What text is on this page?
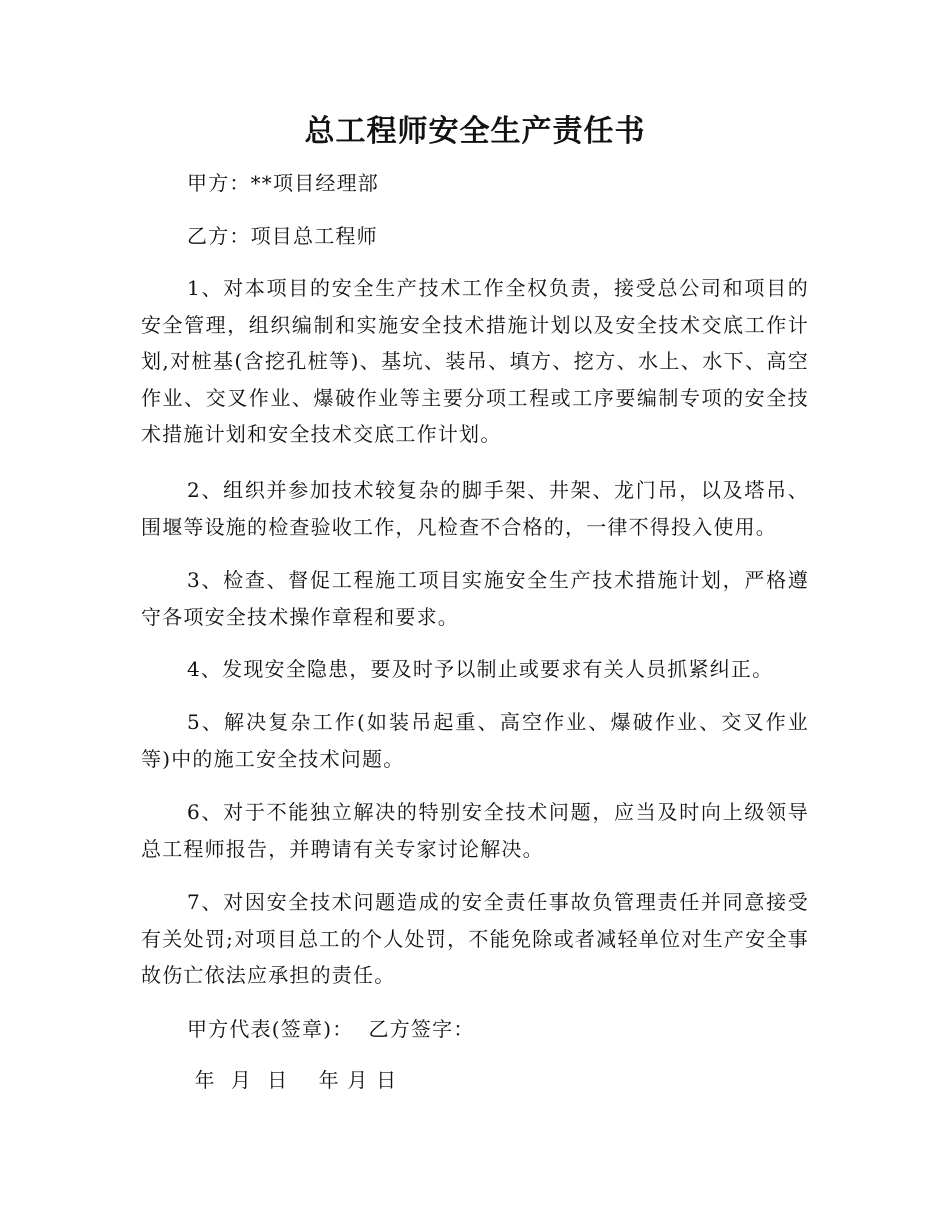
总工程师安全生产责任书

甲方：**项目经理部

乙方：项目总工程师

1、对本项目的安全生产技术工作全权负责，接受总公司和项目的安全管理，组织编制和实施安全技术措施计划以及安全技术交底工作计划,对桩基(含挖孔桩等)、基坑、装吊、填方、挖方、水上、水下、高空作业、交叉作业、爆破作业等主要分项工程或工序要编制专项的安全技术措施计划和安全技术交底工作计划。

2、组织并参加技术较复杂的脚手架、井架、龙门吊，以及塔吊、围堰等设施的检查验收工作，凡检查不合格的，一律不得投入使用。

3、检查、督促工程施工项目实施安全生产技术措施计划，严格遵守各项安全技术操作章程和要求。

4、发现安全隐患，要及时予以制止或要求有关人员抓紧纠正。

5、解决复杂工作(如装吊起重、高空作业、爆破作业、交叉作业等)中的施工安全技术问题。

6、对于不能独立解决的特别安全技术问题，应当及时向上级领导总工程师报告，并聘请有关专家讨论解决。

7、对因安全技术问题造成的安全责任事故负管理责任并同意接受有关处罚;对项目总工的个人处罚，不能免除或者减轻单位对生产安全事故伤亡依法应承担的责任。

甲方代表(签章)：  乙方签字：

年  月  日    年 月 日
